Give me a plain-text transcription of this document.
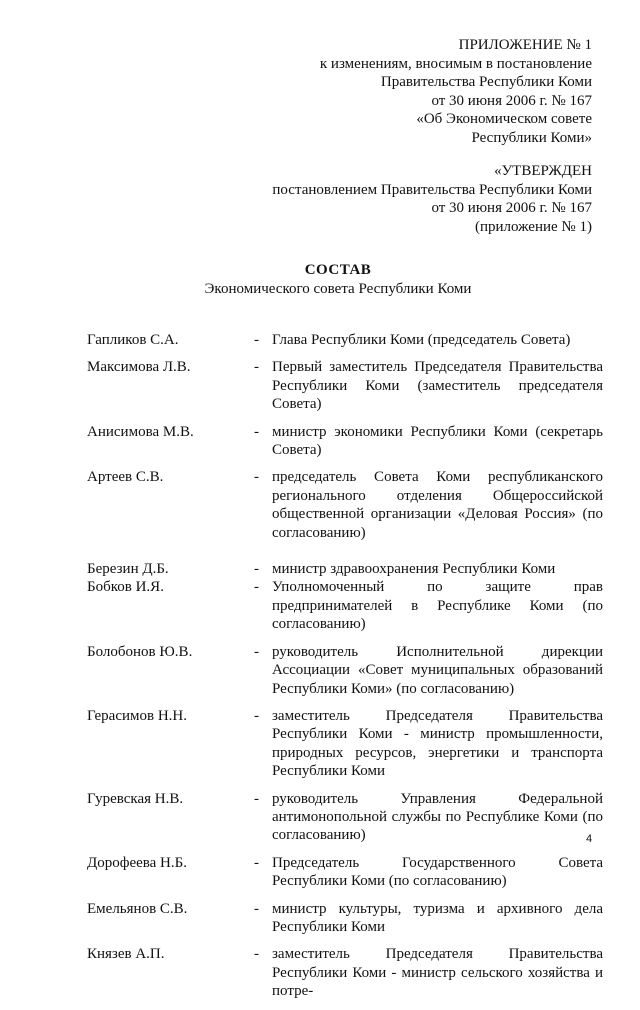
ПРИЛОЖЕНИЕ № 1
к изменениям, вносимым в постановление
Правительства Республики Коми
от 30 июня 2006 г. № 167
«Об Экономическом совете
Республики Коми»
«УТВЕРЖДЕН
постановлением Правительства Республики Коми
от 30 июня 2006 г. № 167
(приложение № 1)
СОСТАВ
Экономического совета Республики Коми
Гапликов С.А.	- Глава Республики Коми (председатель Совета)
Максимова Л.В.	- Первый заместитель Председателя Правительства Республики Коми (заместитель председателя Совета)
Анисимова М.В.	- министр экономики Республики Коми (секретарь Совета)
Артеев С.В.	- председатель Совета Коми республиканского регионального отделения Общероссийской общественной организации «Деловая Россия» (по согласованию)
Березин Д.Б.	- министр здравоохранения Республики Коми
Бобков И.Я.	- Уполномоченный по защите прав предпринимателей в Республике Коми (по согласованию)
Болобонов Ю.В.	- руководитель Исполнительной дирекции Ассоциации «Совет муниципальных образований Республики Коми» (по согласованию)
Герасимов Н.Н.	- заместитель Председателя Правительства Республики Коми - министр промышленности, природных ресурсов, энергетики и транспорта Республики Коми
Гуревская Н.В.	- руководитель Управления Федеральной антимонопольной службы по Республике Коми (по согласованию)
Дорофеева Н.Б.	- Председатель Государственного Совета Республики Коми (по согласованию)
Емельянов С.В.	- министр культуры, туризма и архивного дела Республики Коми
Князев А.П.	- заместитель Председателя Правительства Республики Коми - министр сельского хозяйства и потре-
4
